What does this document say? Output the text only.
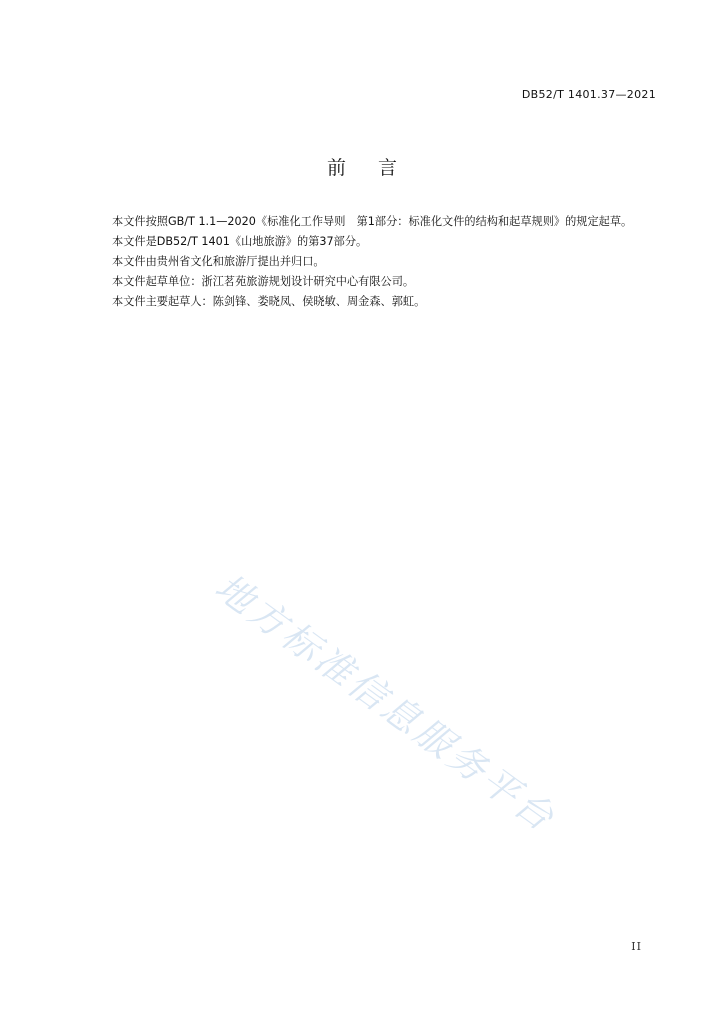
DB52/T 1401.37—2021
前言

本文件按照GB/T 1.1—2020《标准化工作导则　第1部分：标准化文件的结构和起草规则》的规定起草。

本文件是DB52/T 1401《山地旅游》的第37部分。

本文件由贵州省文化和旅游厅提出并归口。

本文件起草单位：浙江茗苑旅游规划设计研究中心有限公司。

本文件主要起草人：陈剑锋、娄晓凤、侯晓敏、周金森、郭虹。

地方标准信息服务平台
II
